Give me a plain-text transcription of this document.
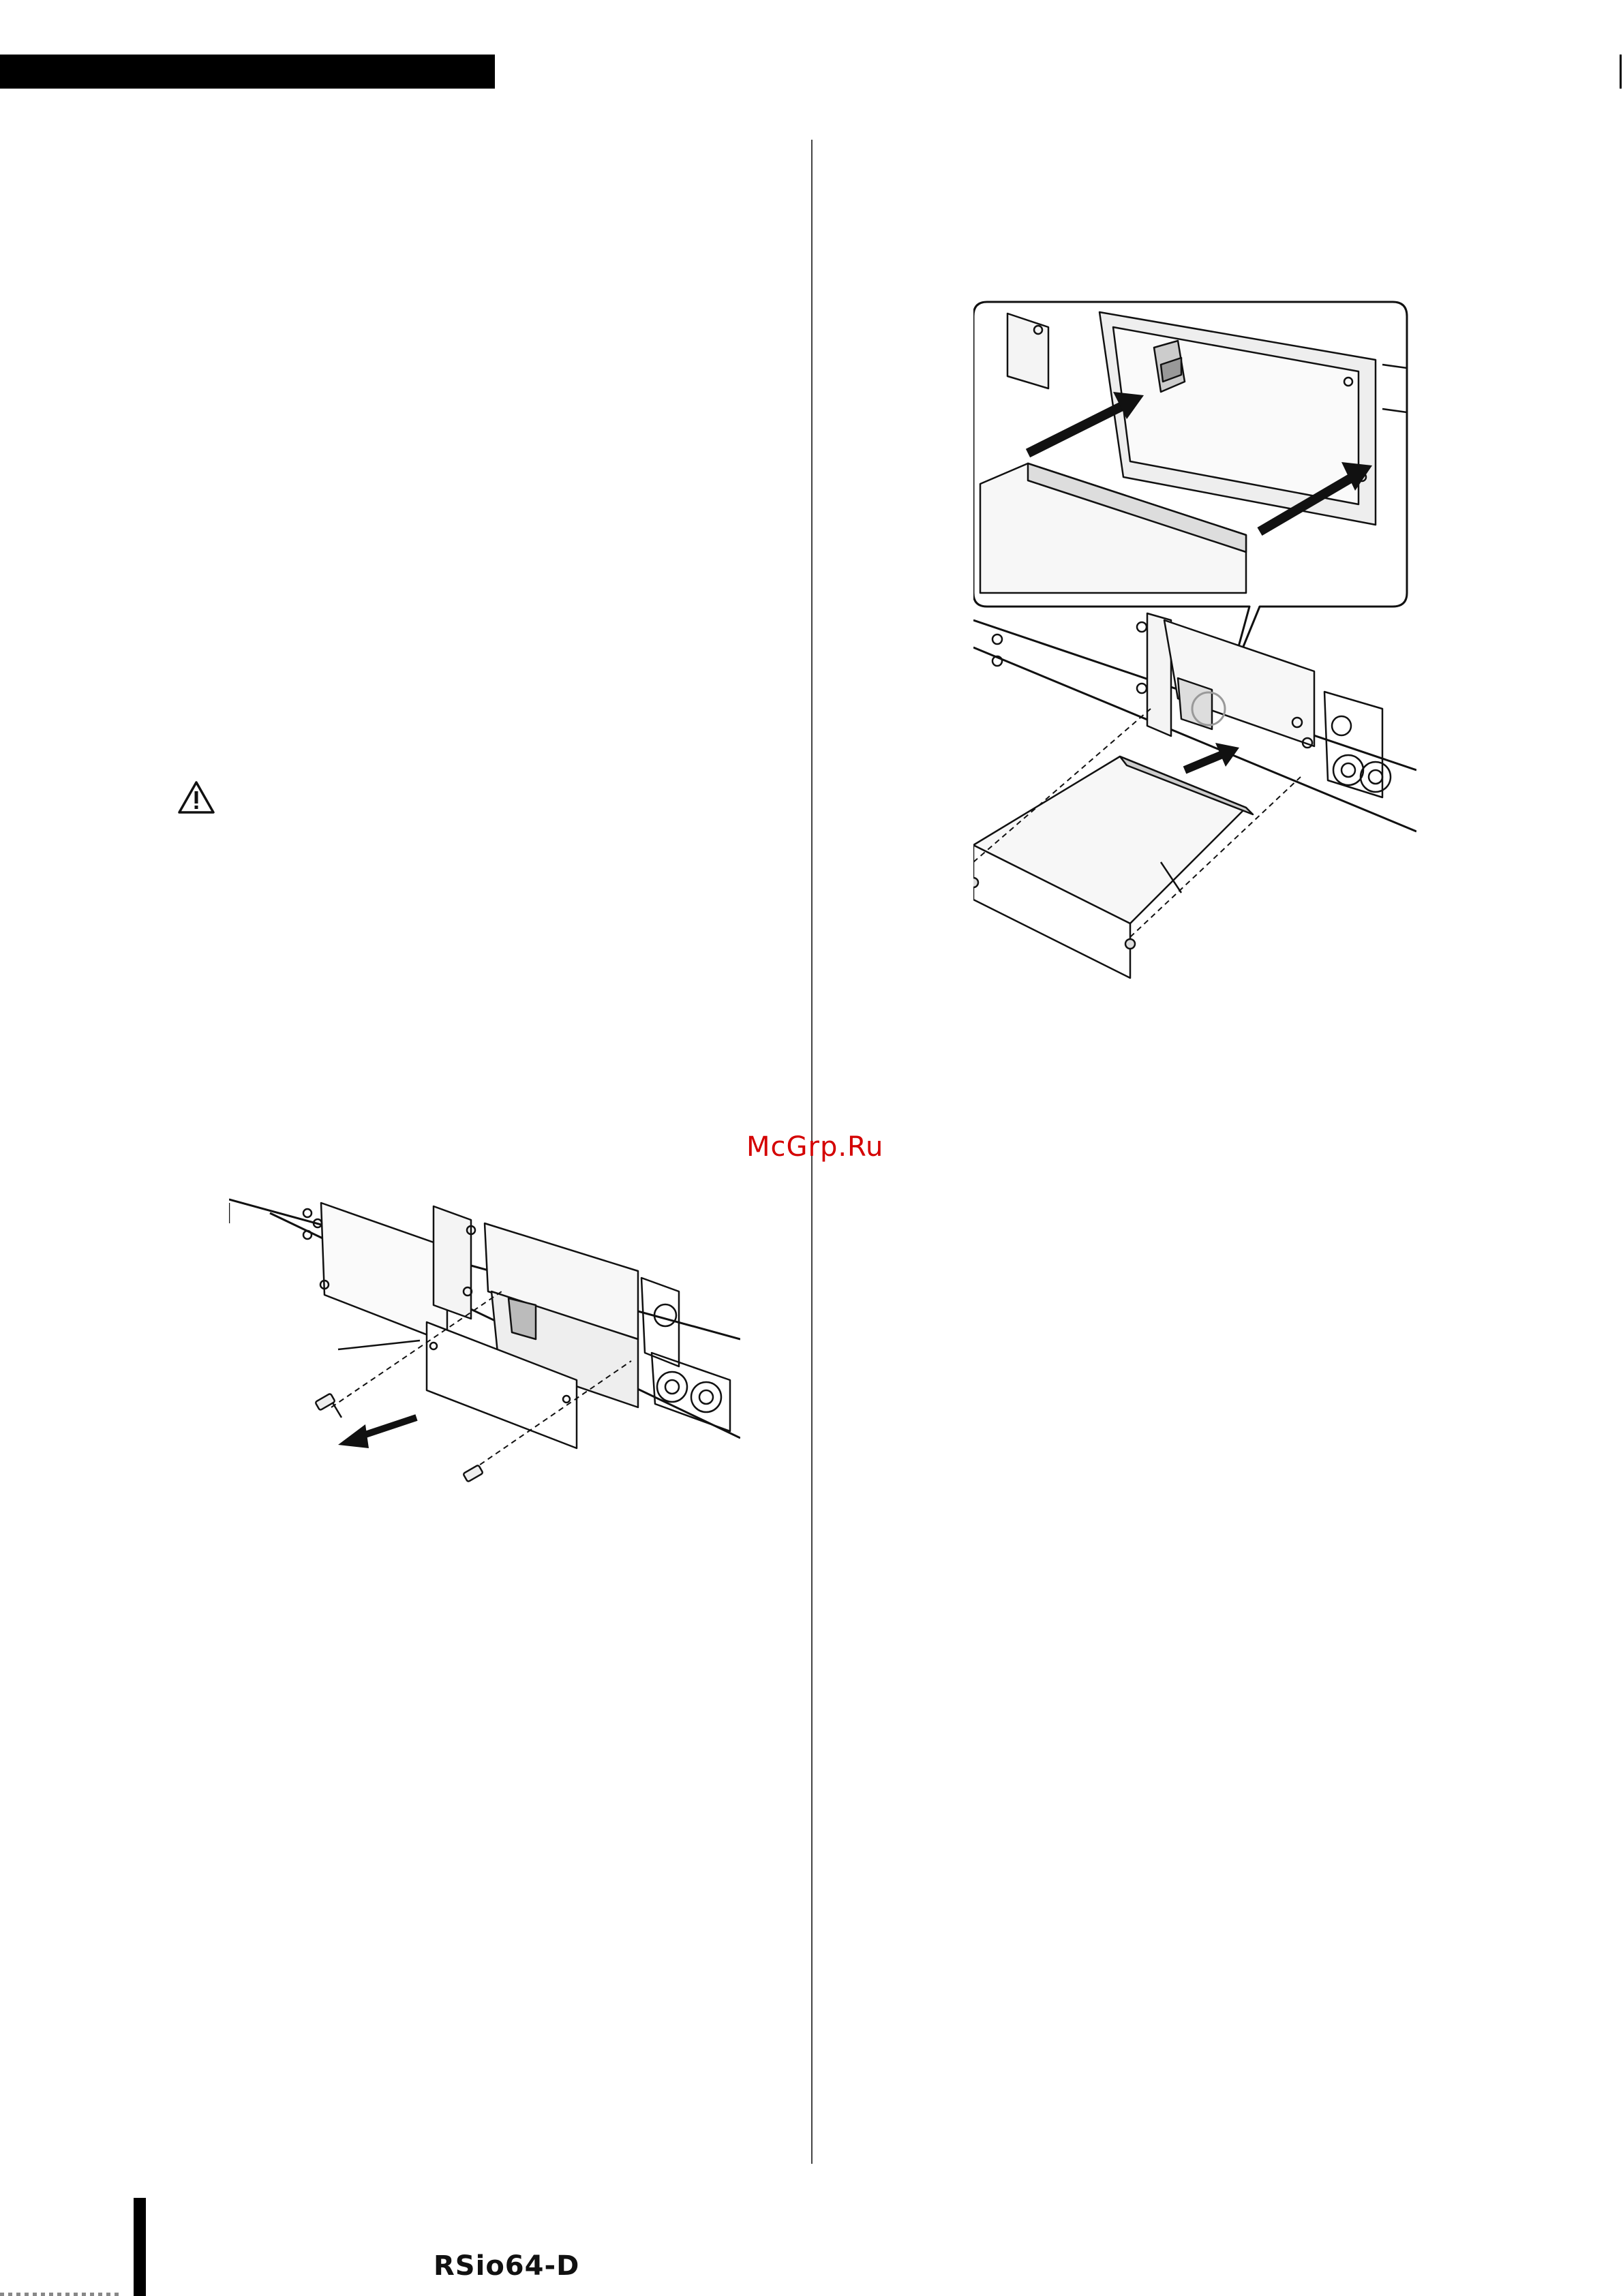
McGrp.Ru
RSio64-D
